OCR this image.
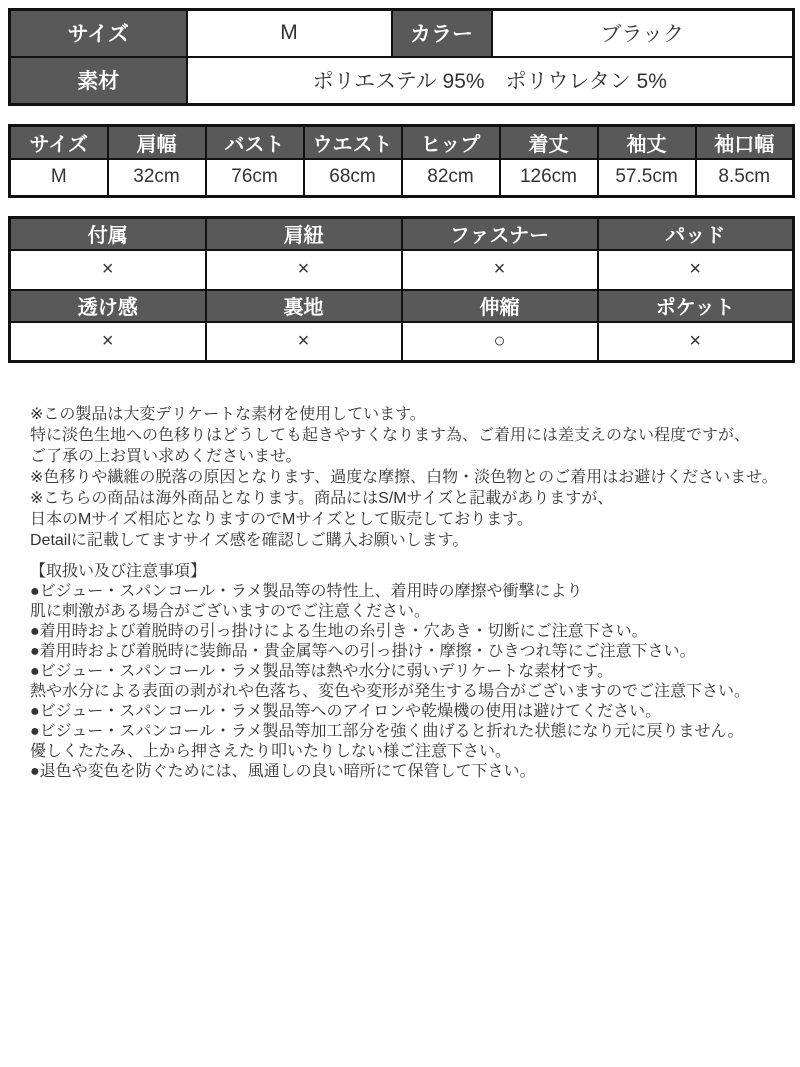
サイズ	M	カラー	ブラック
素材	ポリエステル 95%　ポリウレタン 5%		
サイズ	肩幅	バスト	ウエスト	ヒップ	着丈	袖丈	袖口幅
M	32cm	76cm	68cm	82cm	126cm	57.5cm	8.5cm
付属	肩紐	ファスナー	パッド
×	×	×	×
透け感	裏地	伸縮	ポケット
×	×	○	×
※この製品は大変デリケートな素材を使用しています。
特に淡色生地への色移りはどうしても起きやすくなります為、ご着用には差支えのない程度ですが、
ご了承の上お買い求めくださいませ。
※色移りや繊維の脱落の原因となります、過度な摩擦、白物・淡色物とのご着用はお避けくださいませ。
※こちらの商品は海外商品となります。商品にはS/Mサイズと記載がありますが、
日本のMサイズ相応となりますのでMサイズとして販売しております。
Detailに記載してますサイズ感を確認しご購入お願いします。
【取扱い及び注意事項】
●ビジュー・スパンコール・ラメ製品等の特性上、着用時の摩擦や衝撃により
肌に刺激がある場合がございますのでご注意ください。
●着用時および着脱時の引っ掛けによる生地の糸引き・穴あき・切断にご注意下さい。
●着用時および着脱時に装飾品・貴金属等への引っ掛け・摩擦・ひきつれ等にご注意下さい。
●ビジュー・スパンコール・ラメ製品等は熱や水分に弱いデリケートな素材です。
熱や水分による表面の剥がれや色落ち、変色や変形が発生する場合がございますのでご注意下さい。
●ビジュー・スパンコール・ラメ製品等へのアイロンや乾燥機の使用は避けてください。
●ビジュー・スパンコール・ラメ製品等加工部分を強く曲げると折れた状態になり元に戻りません。
優しくたたみ、上から押さえたり叩いたりしない様ご注意下さい。
●退色や変色を防ぐためには、風通しの良い暗所にて保管して下さい。
